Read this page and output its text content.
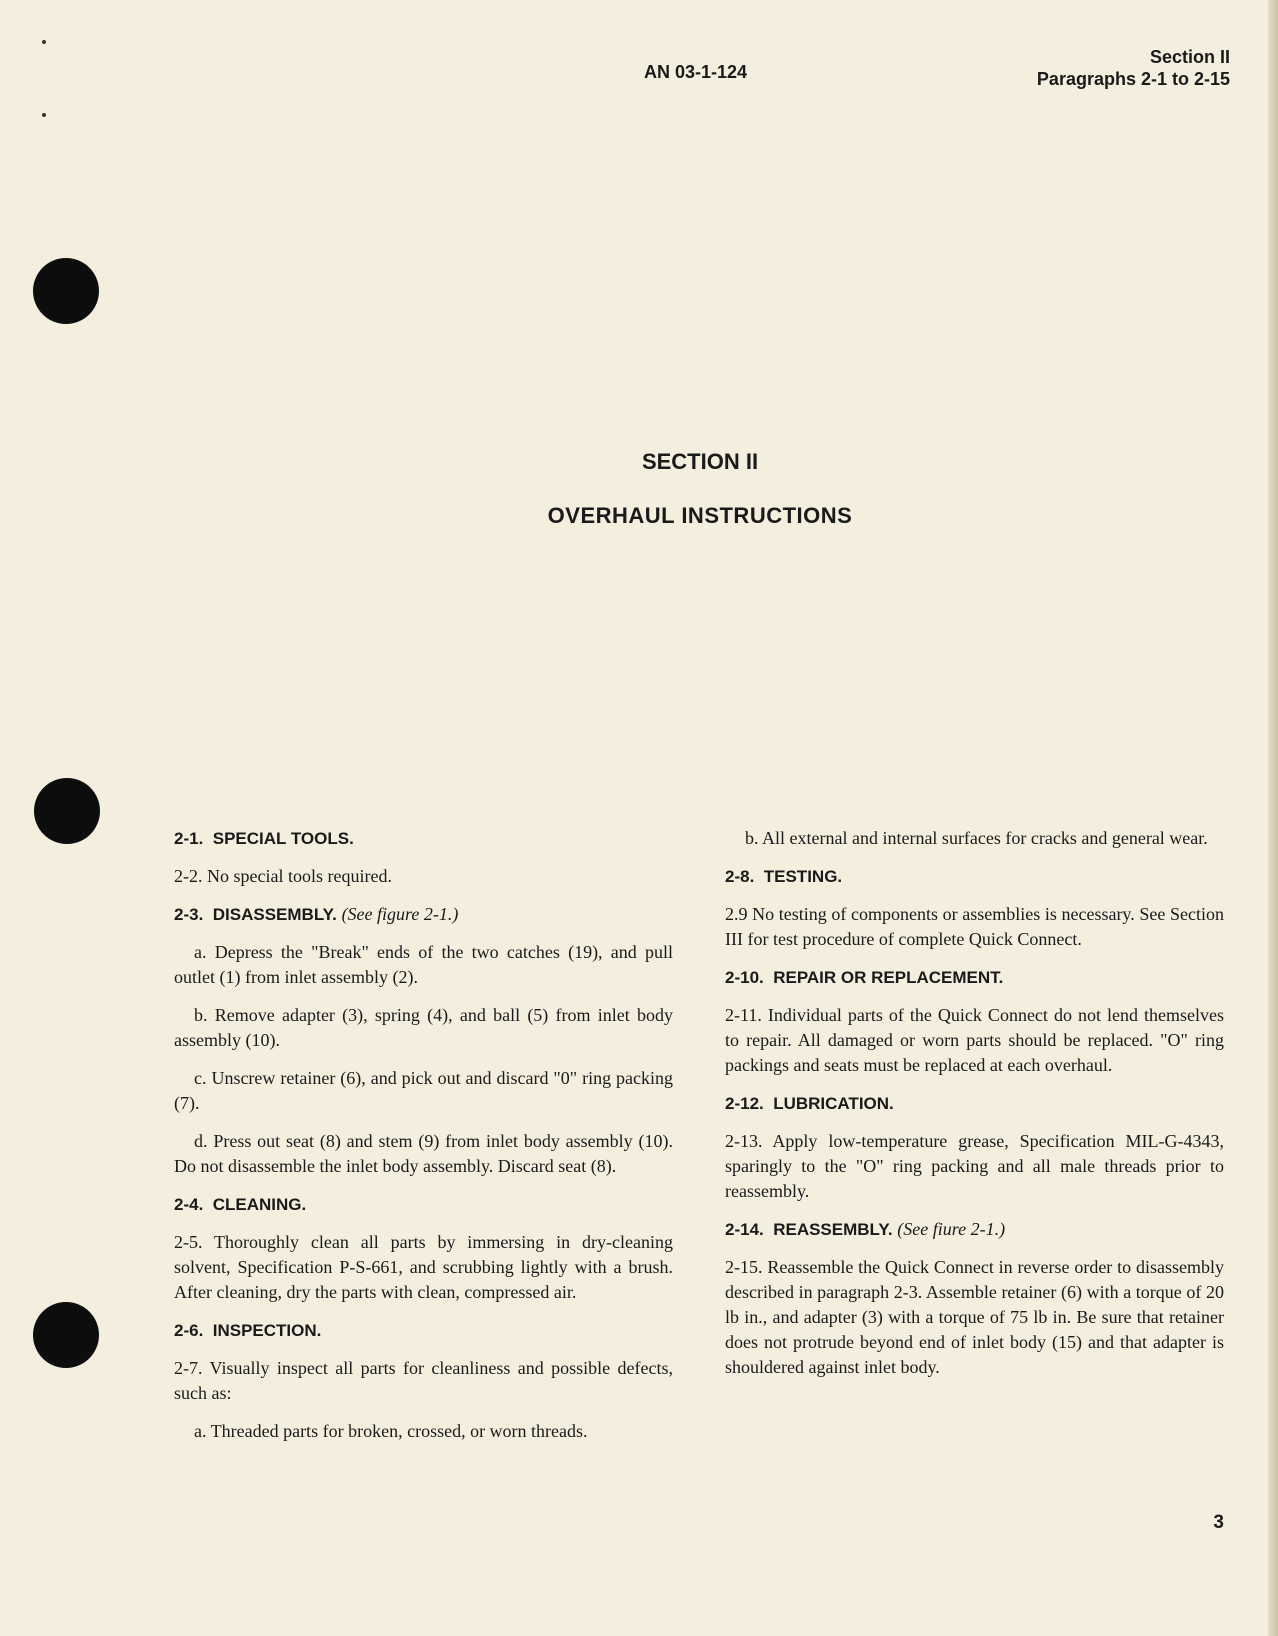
AN 03-1-124
Section II
Paragraphs 2-1 to 2-15
SECTION II
OVERHAUL INSTRUCTIONS
2-1. SPECIAL TOOLS.

2-2. No special tools required.

2-3. DISASSEMBLY. (See figure 2-1.)

a. Depress the "Break" ends of the two catches (19), and pull outlet (1) from inlet assembly (2).

b. Remove adapter (3), spring (4), and ball (5) from inlet body assembly (10).

c. Unscrew retainer (6), and pick out and discard "0" ring packing (7).

d. Press out seat (8) and stem (9) from inlet body assembly (10). Do not disassemble the inlet body assembly. Discard seat (8).

2-4. CLEANING.

2-5. Thoroughly clean all parts by immersing in dry-cleaning solvent, Specification P-S-661, and scrubbing lightly with a brush. After cleaning, dry the parts with clean, compressed air.

2-6. INSPECTION.

2-7. Visually inspect all parts for cleanliness and possible defects, such as:

a. Threaded parts for broken, crossed, or worn threads.

b. All external and internal surfaces for cracks and general wear.

2-8. TESTING.

2.9 No testing of components or assemblies is necessary. See Section III for test procedure of complete Quick Connect.

2-10. REPAIR OR REPLACEMENT.

2-11. Individual parts of the Quick Connect do not lend themselves to repair. All damaged or worn parts should be replaced. "O" ring packings and seats must be replaced at each overhaul.

2-12. LUBRICATION.

2-13. Apply low-temperature grease, Specification MIL-G-4343, sparingly to the "O" ring packing and all male threads prior to reassembly.

2-14. REASSEMBLY. (See fiure 2-1.)

2-15. Reassemble the Quick Connect in reverse order to disassembly described in paragraph 2-3. Assemble retainer (6) with a torque of 20 lb in., and adapter (3) with a torque of 75 lb in. Be sure that retainer does not protrude beyond end of inlet body (15) and that adapter is shouldered against inlet body.

3
